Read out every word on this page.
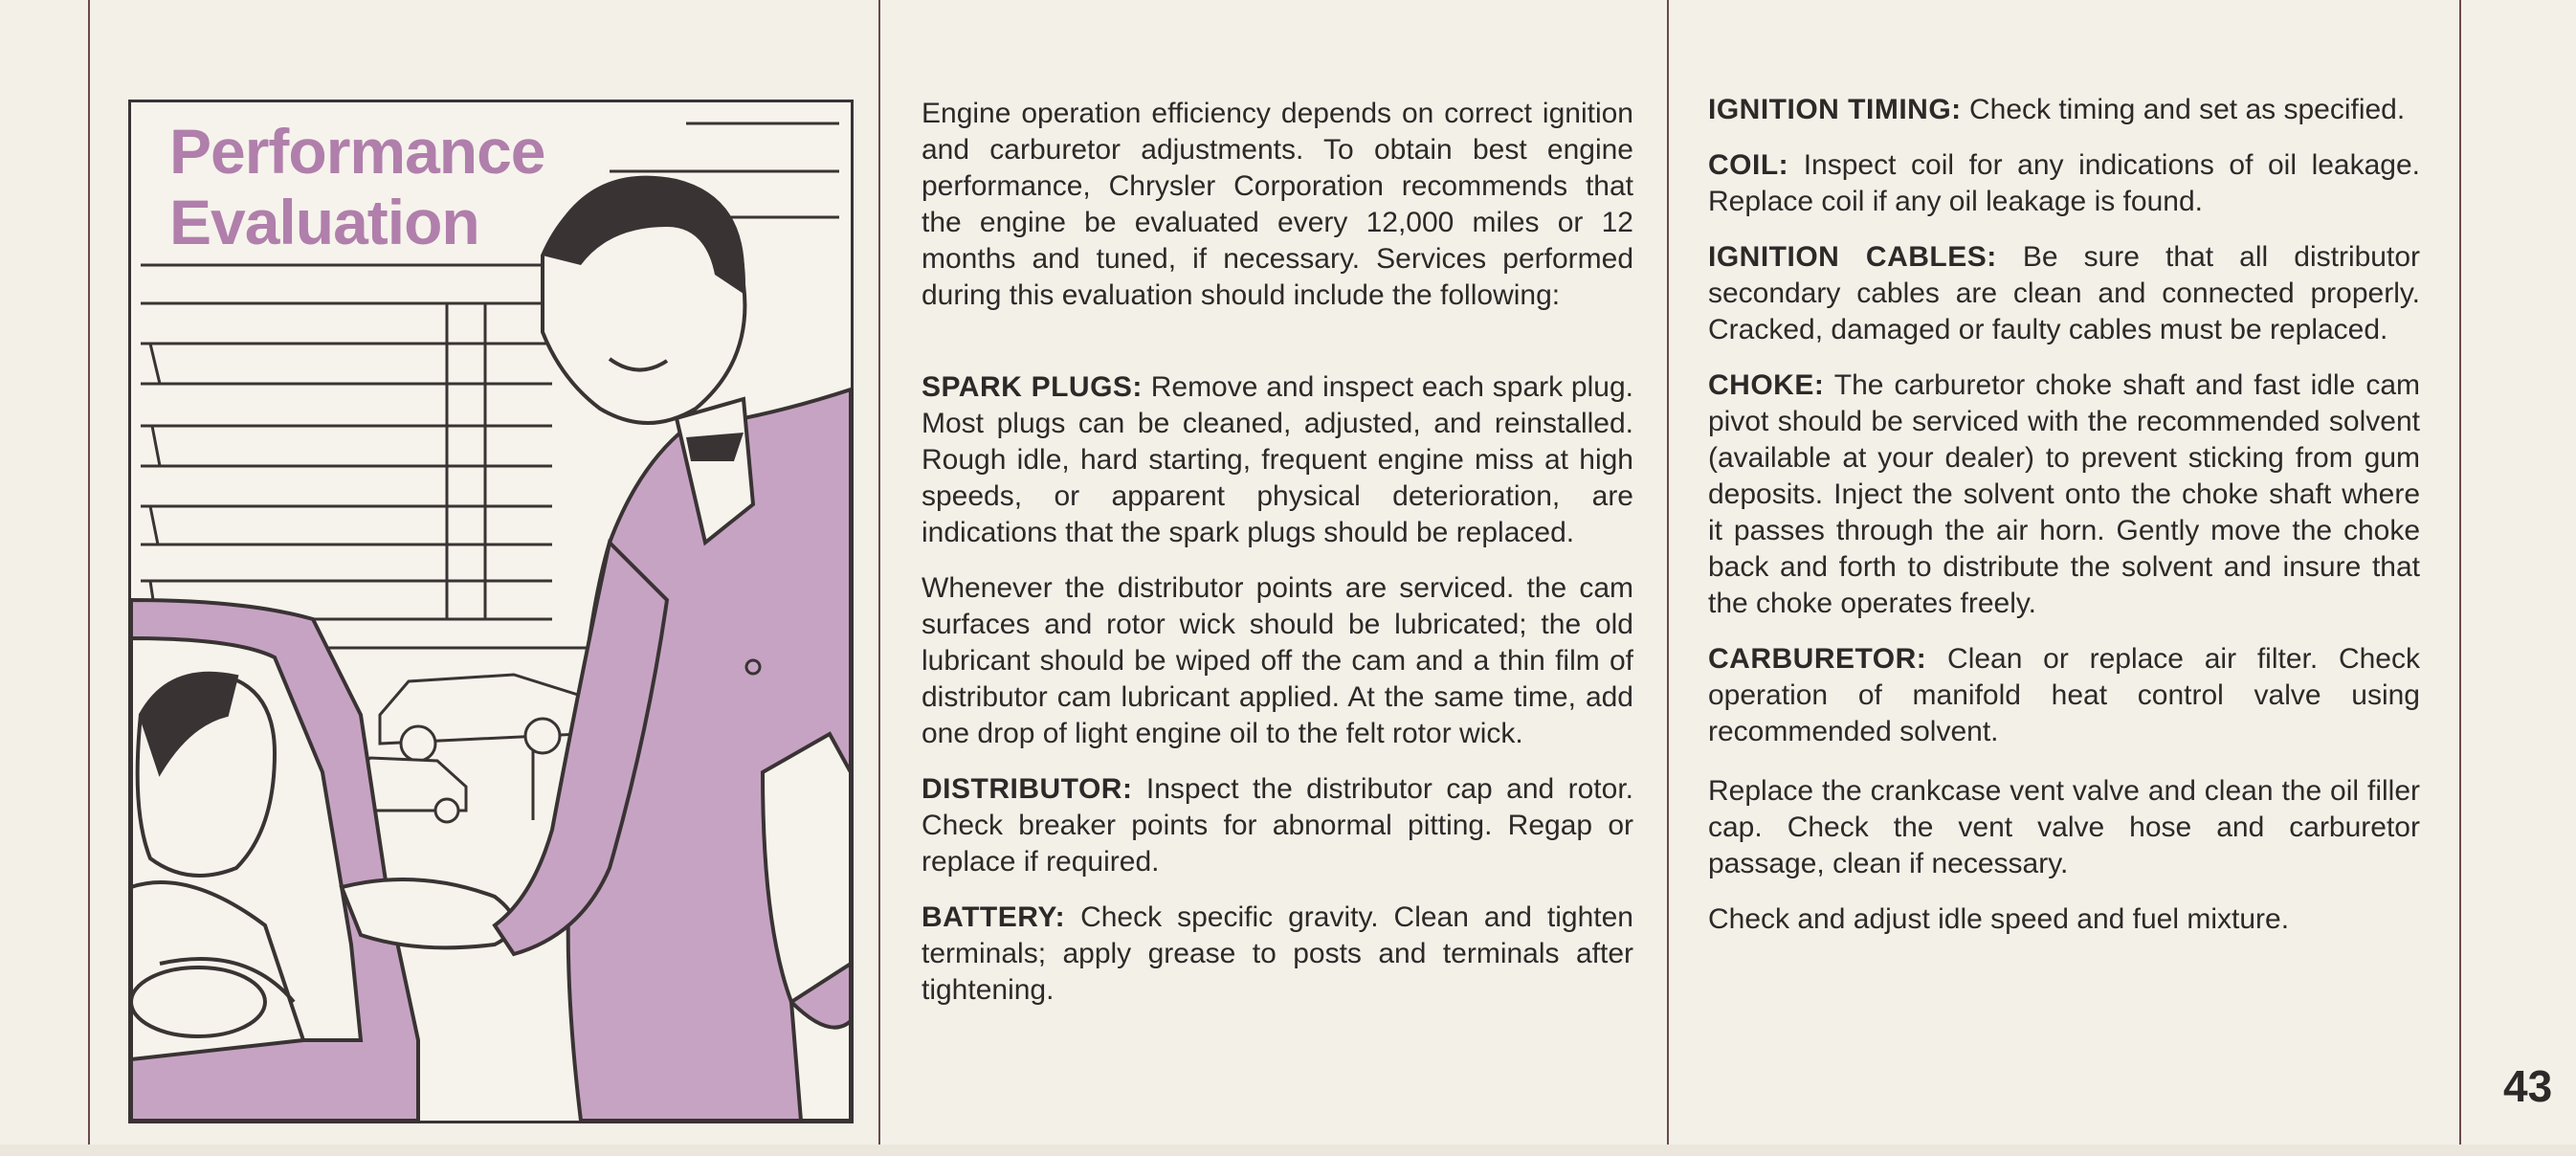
Performance
Evaluation

Engine operation efficiency depends on correct ignition and carburetor adjustments. To obtain best engine performance, Chrysler Corporation recommends that the engine be evaluated every 12,000 miles or 12 months and tuned, if necessary. Services performed during this evaluation should include the following:

SPARK PLUGS: Remove and inspect each spark plug. Most plugs can be cleaned, adjusted, and reinstalled. Rough idle, hard starting, frequent engine miss at high speeds, or apparent physical deterioration, are indications that the spark plugs should be replaced.

Whenever the distributor points are serviced. the cam surfaces and rotor wick should be lubricated; the old lubricant should be wiped off the cam and a thin film of distributor cam lubricant applied. At the same time, add one drop of light engine oil to the felt rotor wick.

DISTRIBUTOR: Inspect the distributor cap and rotor. Check breaker points for abnormal pitting. Regap or replace if required.

BATTERY: Check specific gravity. Clean and tighten terminals; apply grease to posts and terminals after tightening.

IGNITION TIMING: Check timing and set as specified.

COIL: Inspect coil for any indications of oil leakage. Replace coil if any oil leakage is found.

IGNITION CABLES: Be sure that all distributor secondary cables are clean and connected properly. Cracked, damaged or faulty cables must be replaced.

CHOKE: The carburetor choke shaft and fast idle cam pivot should be serviced with the recommended solvent (available at your dealer) to prevent sticking from gum deposits. Inject the solvent onto the choke shaft where it passes through the air horn. Gently move the choke back and forth to distribute the solvent and insure that the choke operates freely.

CARBURETOR: Clean or replace air filter. Check operation of manifold heat control valve using recommended solvent.

Replace the crankcase vent valve and clean the oil filler cap. Check the vent valve hose and carburetor passage, clean if necessary.

Check and adjust idle speed and fuel mixture.

43
